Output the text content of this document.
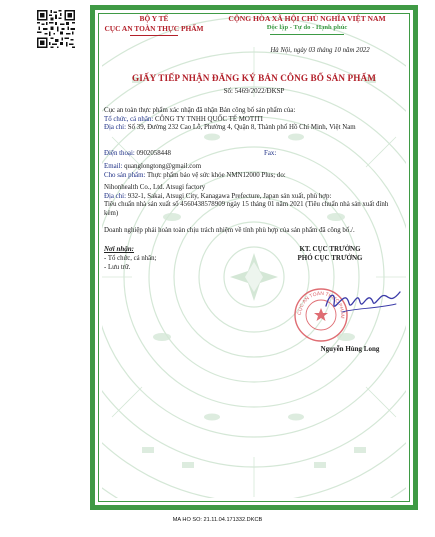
BỘ Y TẾ
CỤC AN TOÀN THỰC PHẨM
CỘNG HÒA XÃ HỘI CHỦ NGHĨA VIỆT NAM
Độc lập - Tự do - Hạnh phúc
Hà Nội, ngày 03 tháng 10 năm 2022
GIẤY TIẾP NHẬN ĐĂNG KÝ BẢN CÔNG BỐ SẢN PHẨM
Số: 5469/2022/ĐKSP
Cục an toàn thực phẩm xác nhận đã nhận Bản công bố sản phẩm của:
Tổ chức, cá nhân: CÔNG TY TNHH QUỐC TẾ MOTITI
Địa chỉ: Số 39, Đường 232 Cao Lỗ, Phường 4, Quận 8, Thành phố Hồ Chí Minh, Việt Nam
Điện thoại: 0902058448	Fax:
Email: quanglongtong@gmail.com
Cho sản phẩm: Thực phẩm bảo vệ sức khỏe NMN12000 Plus; do:
Nihonhealth Co., Ltd. Atsugi factory
Địa chỉ: 932-1, Sakai, Atsugi City, Kanagawa Prefecture, Japan sản xuất, phù hợp:
Tiêu chuẩn nhà sản xuất số 4560438578909 ngày 15 tháng 01 năm 2021 (Tiêu chuẩn nhà sản xuất đính kèm)
Doanh nghiệp phải hoàn toàn chịu trách nhiệm về tính phù hợp của sản phẩm đã công bố./.
Nơi nhận:
- Tổ chức, cá nhân;
- Lưu trữ.
KT. CỤC TRƯỞNG
PHÓ CỤC TRƯỞNG
CỤC AN TOÀN THỰC PHẨM
Nguyễn Hùng Long
MA HO SO: 21.11.04.171332.DKCB
